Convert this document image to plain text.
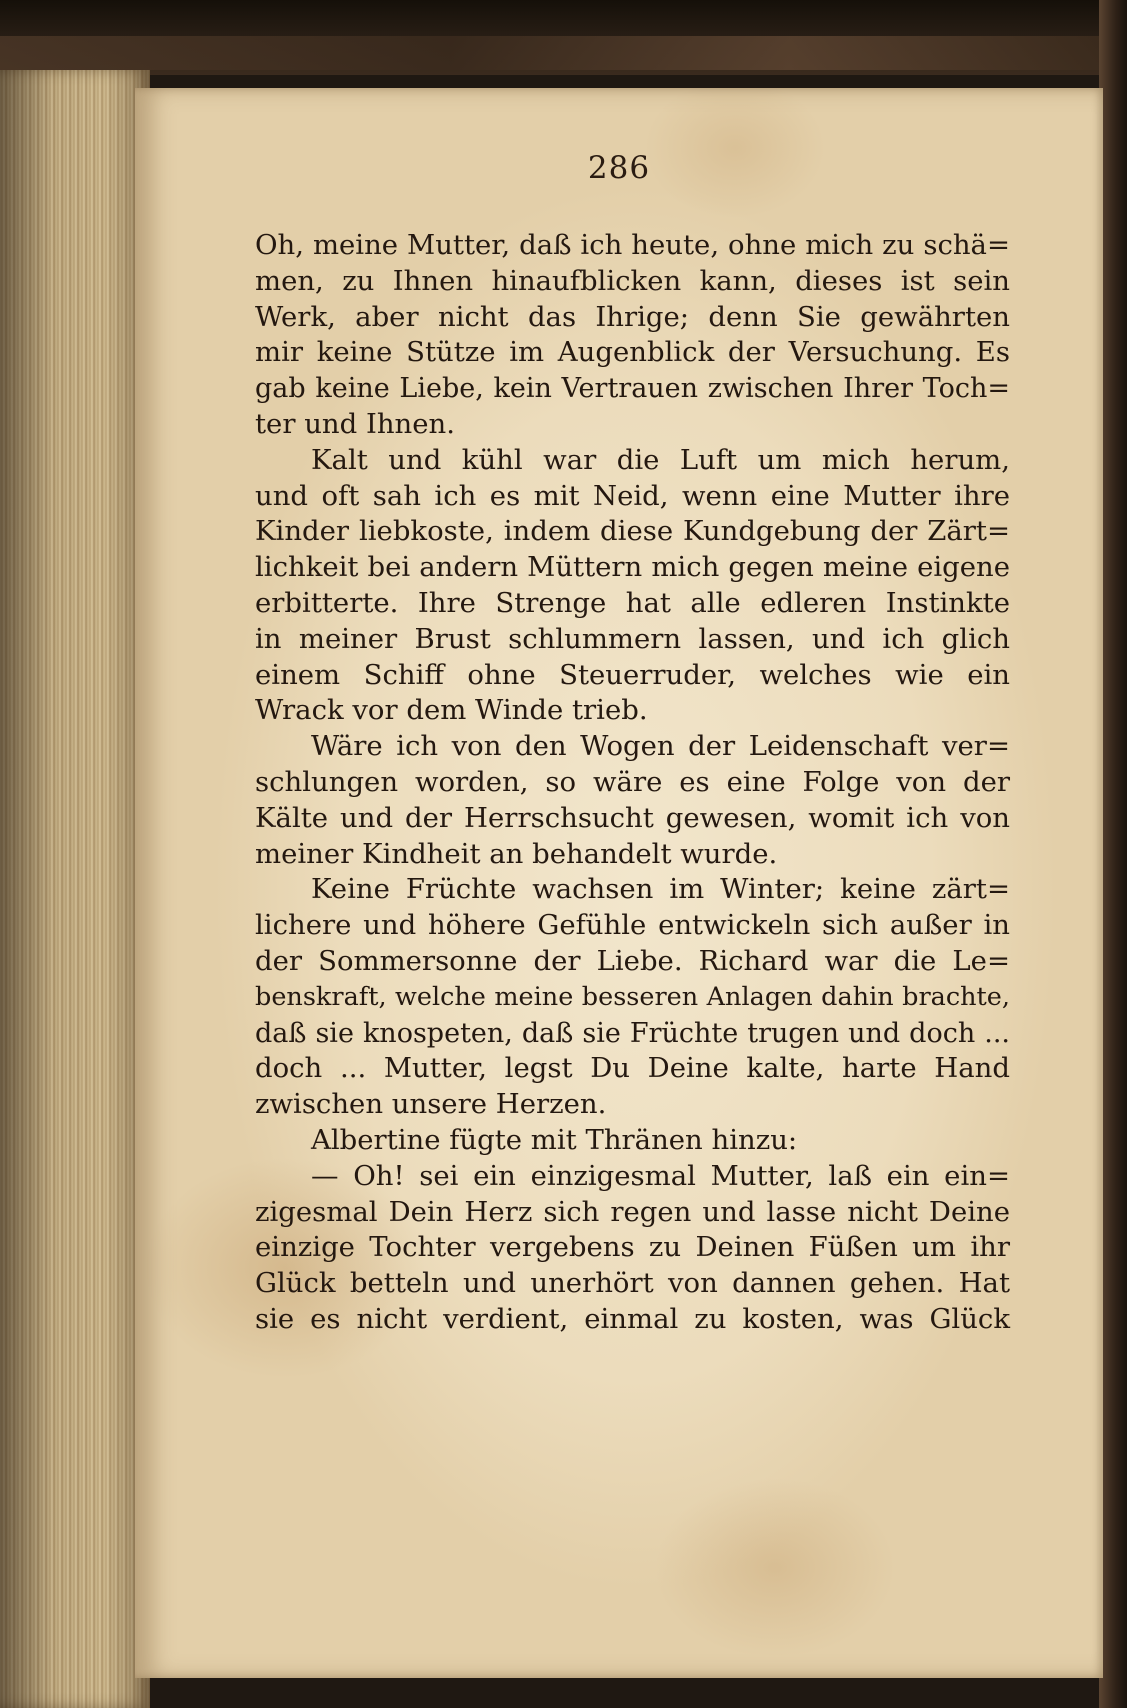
286
Oh, meine Mutter, daß ich heute, ohne mich zu schä=
men, zu Ihnen hinaufblicken kann, dieses ist sein
Werk, aber nicht das Ihrige; denn Sie gewährten
mir keine Stütze im Augenblick der Versuchung. Es
gab keine Liebe, kein Vertrauen zwischen Ihrer Toch=
ter und Ihnen.
Kalt und kühl war die Luft um mich herum,
und oft sah ich es mit Neid, wenn eine Mutter ihre
Kinder liebkoste, indem diese Kundgebung der Zärt=
lichkeit bei andern Müttern mich gegen meine eigene
erbitterte. Ihre Strenge hat alle edleren Instinkte
in meiner Brust schlummern lassen, und ich glich
einem Schiff ohne Steuerruder, welches wie ein
Wrack vor dem Winde trieb.
Wäre ich von den Wogen der Leidenschaft ver=
schlungen worden, so wäre es eine Folge von der
Kälte und der Herrschsucht gewesen, womit ich von
meiner Kindheit an behandelt wurde.
Keine Früchte wachsen im Winter; keine zärt=
lichere und höhere Gefühle entwickeln sich außer in
der Sommersonne der Liebe. Richard war die Le=
benskraft, welche meine besseren Anlagen dahin brachte,
daß sie knospeten, daß sie Früchte trugen und doch ...
doch ... Mutter, legst Du Deine kalte, harte Hand
zwischen unsere Herzen.
Albertine fügte mit Thränen hinzu:
— Oh! sei ein einzigesmal Mutter, laß ein ein=
zigesmal Dein Herz sich regen und lasse nicht Deine
einzige Tochter vergebens zu Deinen Füßen um ihr
Glück betteln und unerhört von dannen gehen. Hat
sie es nicht verdient, einmal zu kosten, was Glück
